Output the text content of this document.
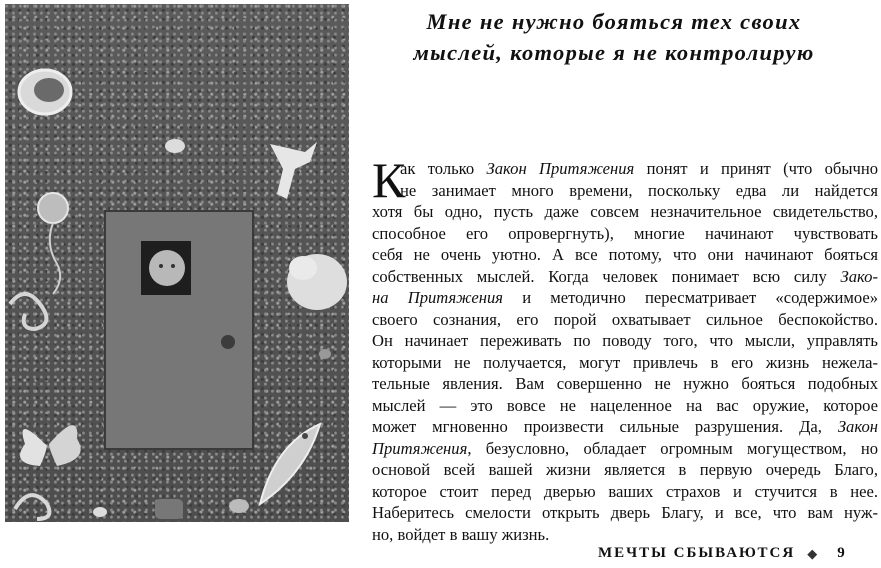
Мне не нужно бояться тех своих
мыслей, которые я не контролирую
К
ак только Закон Притяжения понят и принят (что обычно
не занимает много времени, поскольку едва ли найдется
хотя бы одно, пусть даже совсем незначительное свидетельство,
способное его опровергнуть), многие начинают чувствовать
себя не очень уютно. А все потому, что они начинают бояться
собственных мыслей. Когда человек понимает всю силу Зако-
на Притяжения и методично пересматривает «содержимое»
своего сознания, его порой охватывает сильное беспокойство.
Он начинает переживать по поводу того, что мысли, управлять
которыми не получается, могут привлечь в его жизнь нежела-
тельные явления. Вам совершенно не нужно бояться подобных
мыслей — это вовсе не нацеленное на вас оружие, которое
может мгновенно произвести сильные разрушения. Да, Закон
Притяжения, безусловно, обладает огромным могуществом, но
основой всей вашей жизни является в первую очередь Благо,
которое стоит перед дверью ваших страхов и стучится в нее.
Наберитесь смелости открыть дверь Благу, и все, что вам нуж-
но, войдет в вашу жизнь.
МЕЧТЫ СБЫВАЮТСЯ ◆ 9
